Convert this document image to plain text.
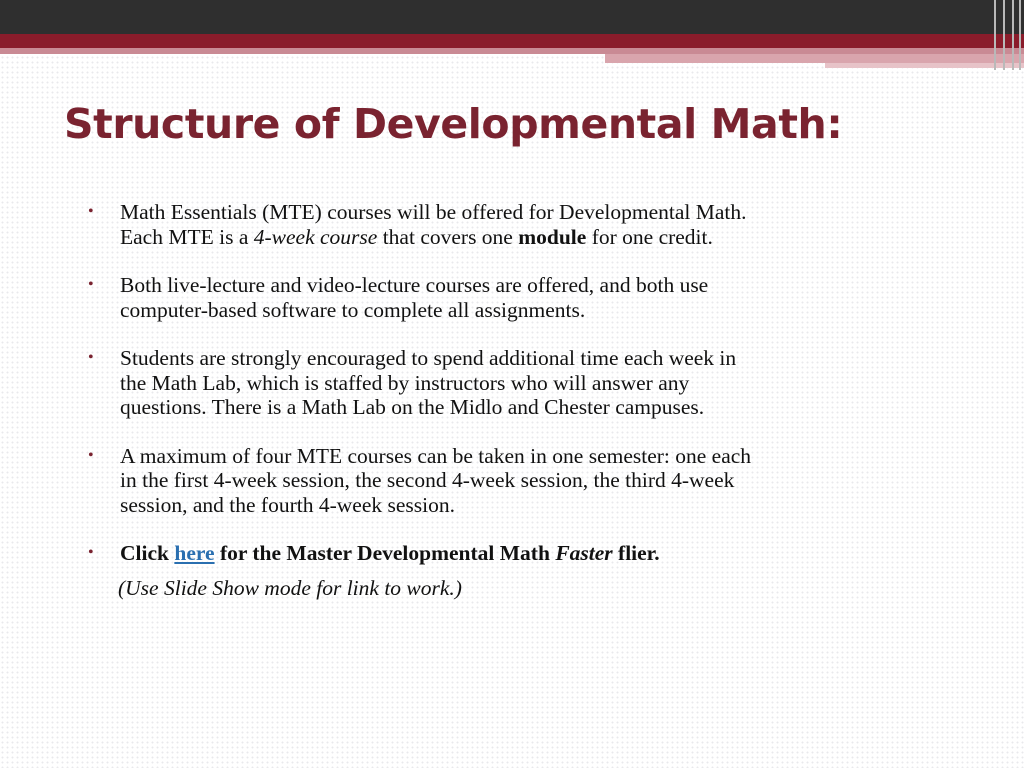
Structure of Developmental Math:
• Math Essentials (MTE) courses will be offered for Developmental Math.
Each MTE is a 4-week course that covers one module for one credit.
• Both live-lecture and video-lecture courses are offered, and both use
computer-based software to complete all assignments.
• Students are strongly encouraged to spend additional time each week in
the Math Lab, which is staffed by instructors who will answer any
questions. There is a Math Lab on the Midlo and Chester campuses.
• A maximum of four MTE courses can be taken in one semester: one each
in the first 4-week session, the second 4-week session, the third 4-week
session, and the fourth 4-week session.
• Click here for the Master Developmental Math Faster flier.
(Use Slide Show mode for link to work.)
